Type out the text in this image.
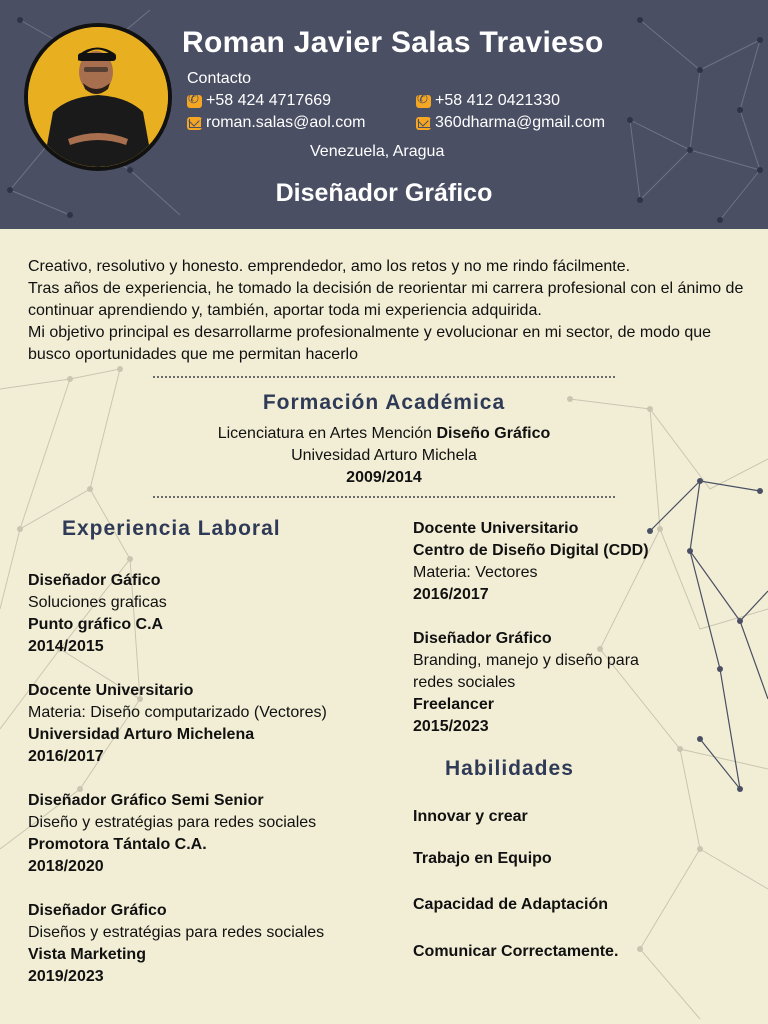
Roman Javier Salas Travieso
Contacto
✆
+58 424 4717669
✆	+58 412 0421330
roman.salas@aol.com	360dharma@gmail.com
Venezuela, Aragua
Diseñador Gráfico
Creativo, resolutivo y honesto. emprendedor, amo los retos y no me rindo fácilmente.
Tras años de experiencia, he tomado la decisión de reorientar mi carrera profesional con el ánimo de continuar aprendiendo y, también, aportar toda mi experiencia adquirida.
Mi objetivo principal es desarrollarme profesionalmente y evolucionar en mi sector, de modo que busco oportunidades que me permitan hacerlo
Formación Académica
Licenciatura en Artes Mención Diseño Gráfico
Univesidad Arturo Michela
2009/2014
Experiencia Laboral
Diseñador Gáfico
Soluciones graficas
Punto gráfico C.A
2014/2015
Docente Universitario
Materia: Diseño computarizado (Vectores)
Universidad Arturo Michelena
2016/2017
Diseñador Gráfico Semi Senior
Diseño y estratégias para redes sociales
Promotora Tántalo C.A.
2018/2020
Diseñador Gráfico
Diseños y estratégias para redes sociales
Vista Marketing
2019/2023
Docente Universitario
Centro de Diseño Digital (CDD)
Materia: Vectores
2016/2017
Diseñador Gráfico
Branding, manejo y diseño para redes sociales
Freelancer
2015/2023
Habilidades
Innovar y crear
Trabajo en Equipo
Capacidad de Adaptación
Comunicar Correctamente.
